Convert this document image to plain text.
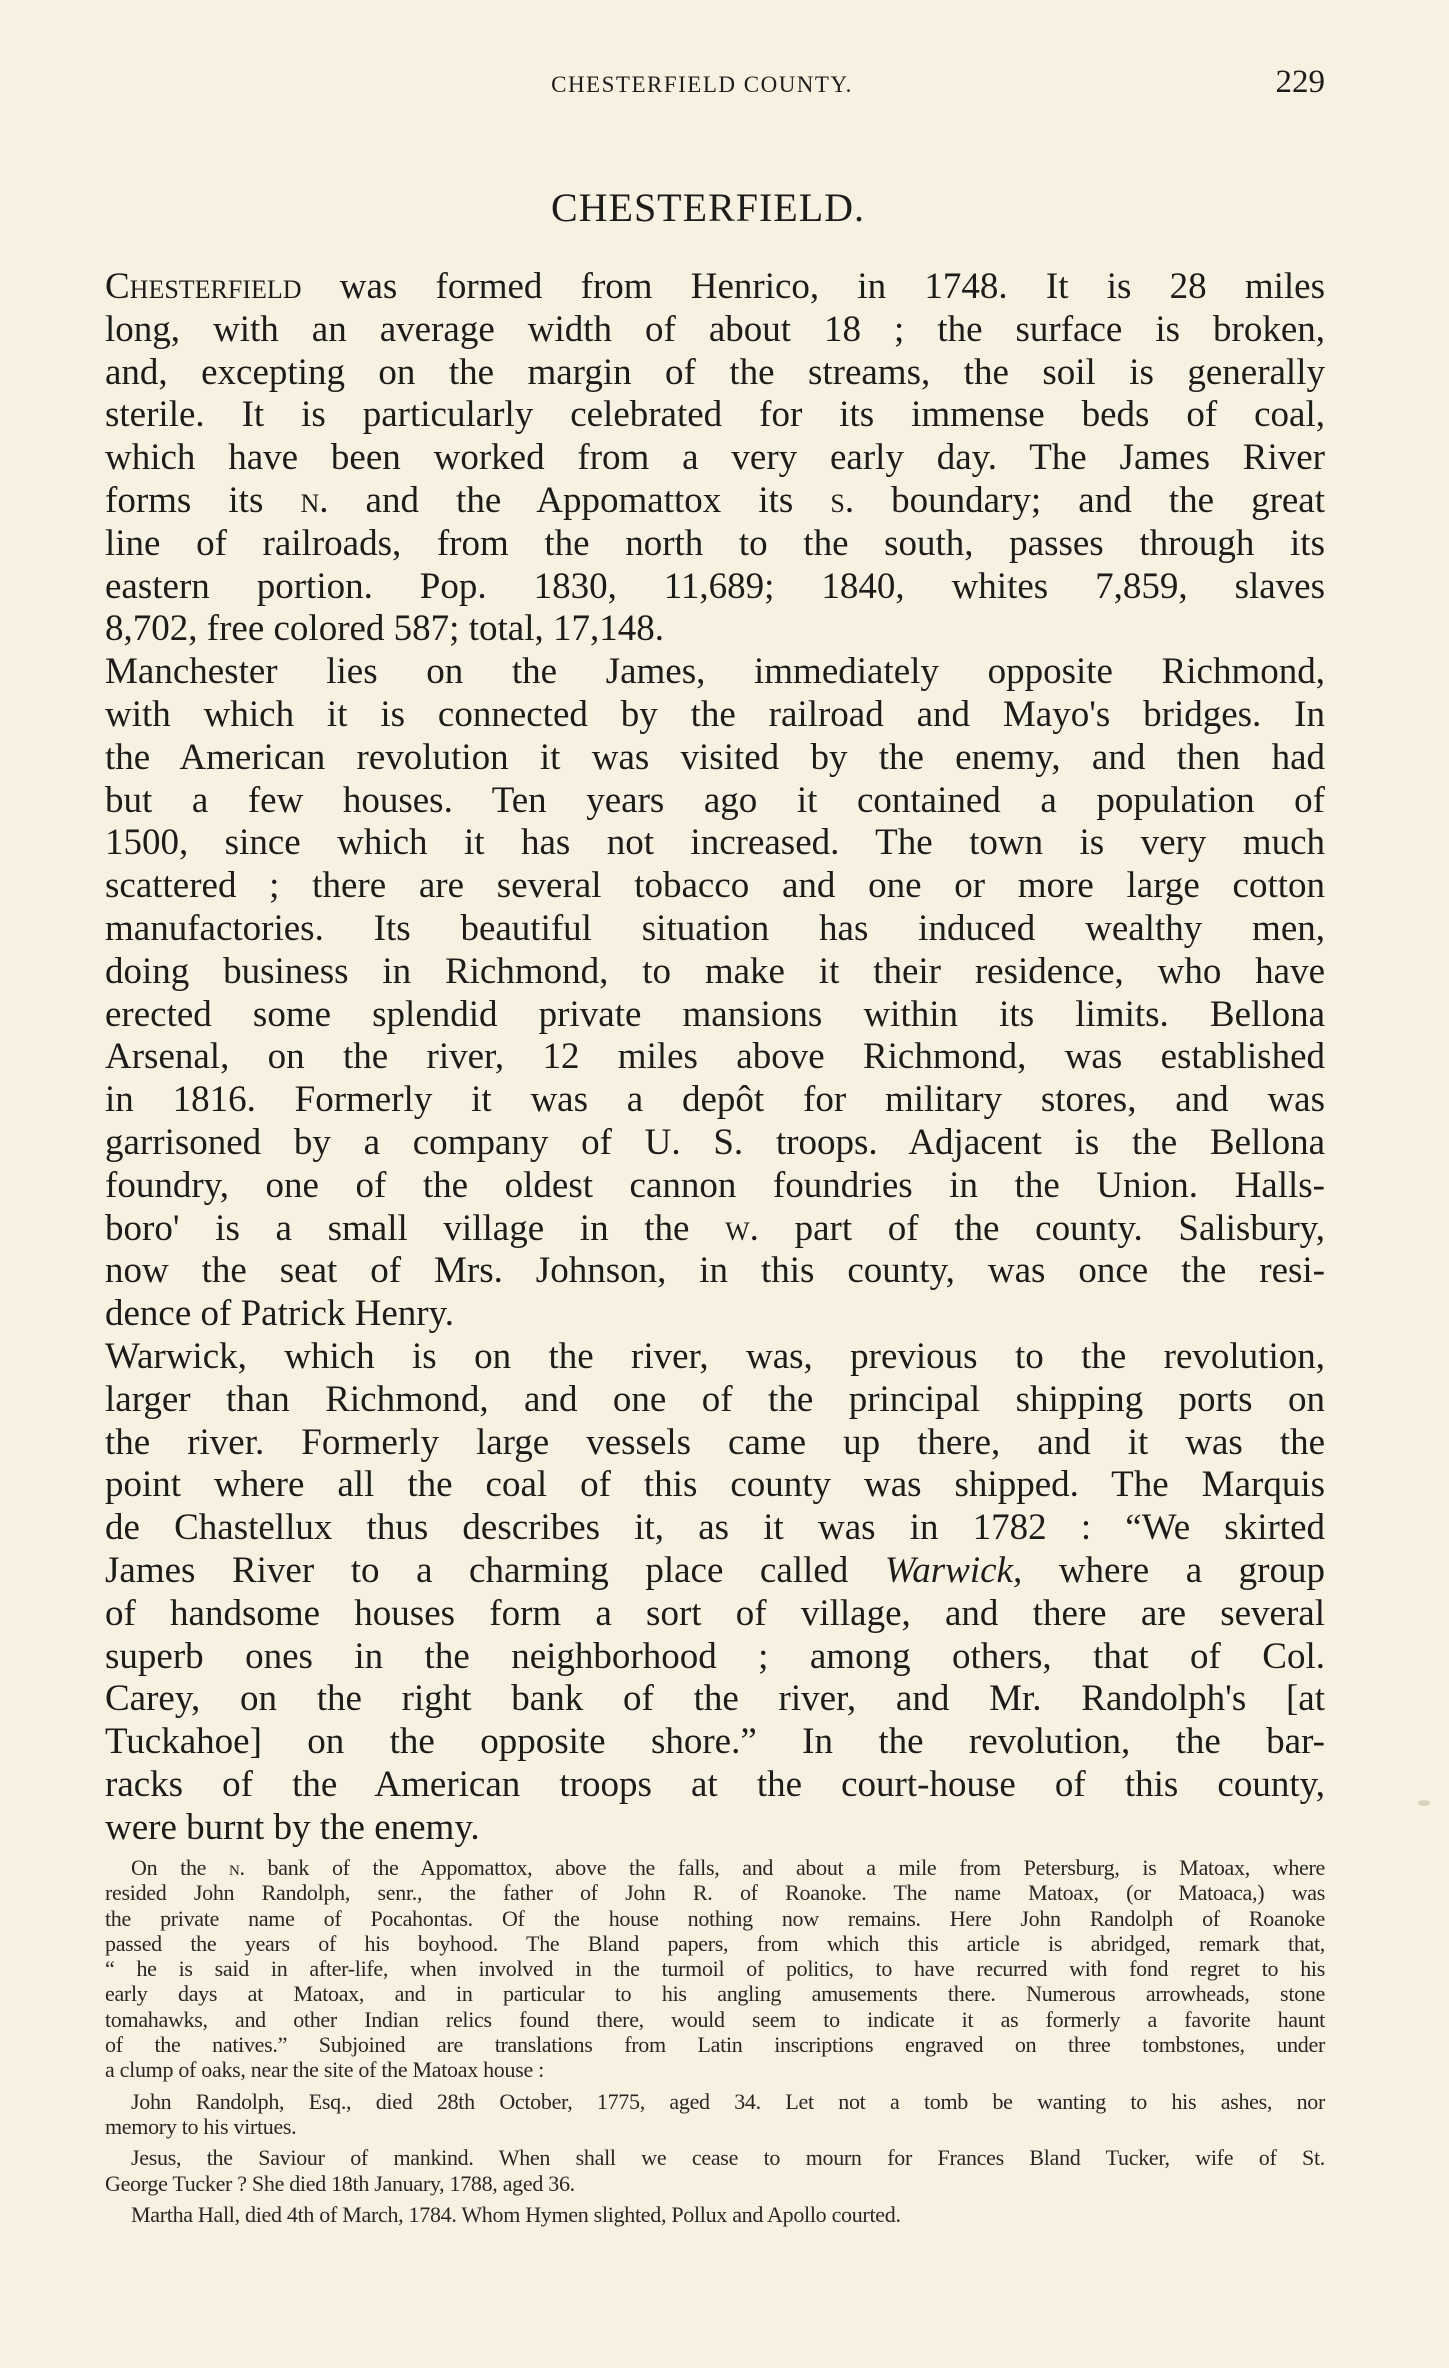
CHESTERFIELD COUNTY.	229
CHESTERFIELD.
Chesterfield was formed from Henrico, in 1748. It is 28 miles
long, with an average width of about 18 ; the surface is broken,
and, excepting on the margin of the streams, the soil is generally
sterile. It is particularly celebrated for its immense beds of coal,
which have been worked from a very early day. The James River
forms its n. and the Appomattox its s. boundary; and the great
line of railroads, from the north to the south, passes through its
eastern portion. Pop. 1830, 11,689; 1840, whites 7,859, slaves
8,702, free colored 587; total, 17,148.
Manchester lies on the James, immediately opposite Richmond,
with which it is connected by the railroad and Mayo's bridges. In
the American revolution it was visited by the enemy, and then had
but a few houses. Ten years ago it contained a population of
1500, since which it has not increased. The town is very much
scattered ; there are several tobacco and one or more large cotton
manufactories. Its beautiful situation has induced wealthy men,
doing business in Richmond, to make it their residence, who have
erected some splendid private mansions within its limits. Bellona
Arsenal, on the river, 12 miles above Richmond, was established
in 1816. Formerly it was a depôt for military stores, and was
garrisoned by a company of U. S. troops. Adjacent is the Bellona
foundry, one of the oldest cannon foundries in the Union. Halls-
boro' is a small village in the w. part of the county. Salisbury,
now the seat of Mrs. Johnson, in this county, was once the resi-
dence of Patrick Henry.
Warwick, which is on the river, was, previous to the revolution,
larger than Richmond, and one of the principal shipping ports on
the river. Formerly large vessels came up there, and it was the
point where all the coal of this county was shipped. The Marquis
de Chastellux thus describes it, as it was in 1782 : “We skirted
James River to a charming place called Warwick, where a group
of handsome houses form a sort of village, and there are several
superb ones in the neighborhood ; among others, that of Col.
Carey, on the right bank of the river, and Mr. Randolph's [at
Tuckahoe] on the opposite shore.” In the revolution, the bar-
racks of the American troops at the court-house of this county,
were burnt by the enemy.
On the n. bank of the Appomattox, above the falls, and about a mile from Petersburg, is Matoax, where
resided John Randolph, senr., the father of John R. of Roanoke. The name Matoax, (or Matoaca,) was
the private name of Pocahontas. Of the house nothing now remains. Here John Randolph of Roanoke
passed the years of his boyhood. The Bland papers, from which this article is abridged, remark that,
“ he is said in after-life, when involved in the turmoil of politics, to have recurred with fond regret to his
early days at Matoax, and in particular to his angling amusements there. Numerous arrowheads, stone
tomahawks, and other Indian relics found there, would seem to indicate it as formerly a favorite haunt
of the natives.” Subjoined are translations from Latin inscriptions engraved on three tombstones, under
a clump of oaks, near the site of the Matoax house :
John Randolph, Esq., died 28th October, 1775, aged 34. Let not a tomb be wanting to his ashes, nor
memory to his virtues.
Jesus, the Saviour of mankind. When shall we cease to mourn for Frances Bland Tucker, wife of St.
George Tucker ? She died 18th January, 1788, aged 36.
Martha Hall, died 4th of March, 1784. Whom Hymen slighted, Pollux and Apollo courted.
